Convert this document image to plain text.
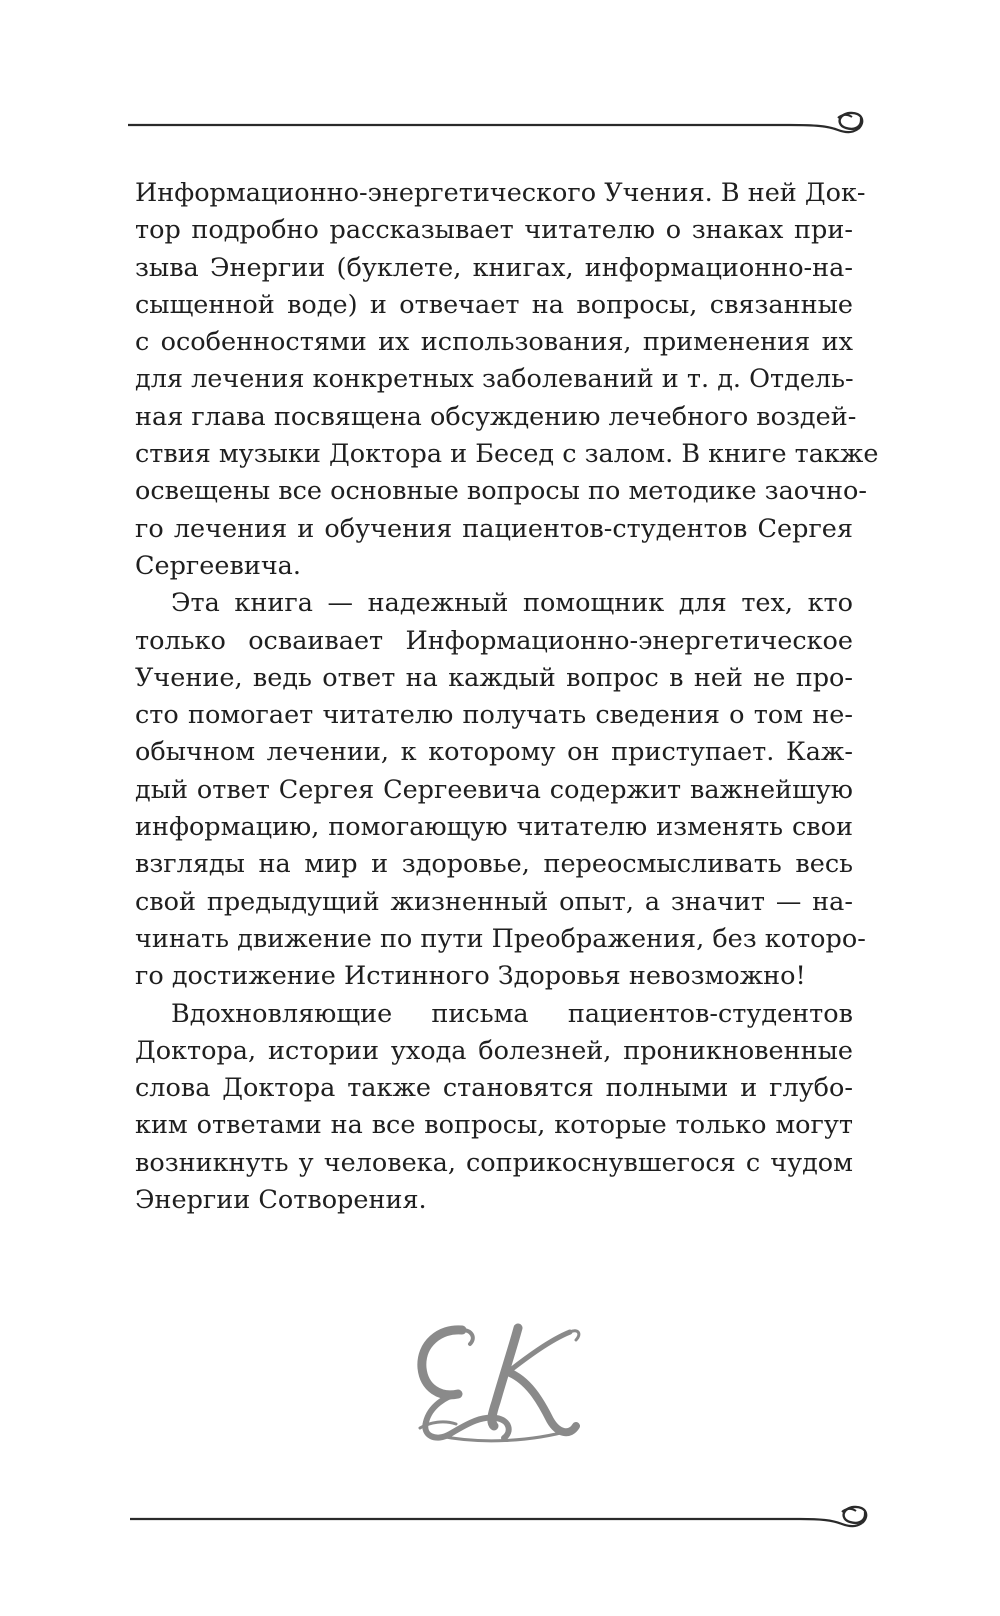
Информационно-энергетического Учения. В ней Док-
тор подробно рассказывает читателю о знаках при-
зыва Энергии (буклете, книгах, информационно-на-
сыщенной воде) и отвечает на вопросы, связанные
с особенностями их использования, применения их
для лечения конкретных заболеваний и т. д. Отдель-
ная глава посвящена обсуждению лечебного воздей-
ствия музыки Доктора и Бесед с залом. В книге также
освещены все основные вопросы по методике заочно-
го лечения и обучения пациентов-студентов Сергея
Сергеевича.
Эта книга — надежный помощник для тех, кто
только осваивает Информационно-энергетическое
Учение, ведь ответ на каждый вопрос в ней не про-
сто помогает читателю получать сведения о том не-
обычном лечении, к которому он приступает. Каж-
дый ответ Сергея Сергеевича содержит важнейшую
информацию, помогающую читателю изменять свои
взгляды на мир и здоровье, переосмысливать весь
свой предыдущий жизненный опыт, а значит — на-
чинать движение по пути Преображения, без которо-
го достижение Истинного Здоровья невозможно!
Вдохновляющие письма пациентов-студентов
Доктора, истории ухода болезней, проникновенные
слова Доктора также становятся полными и глубо-
ким ответами на все вопросы, которые только могут
возникнуть у человека, соприкоснувшегося с чудом
Энергии Сотворения.
